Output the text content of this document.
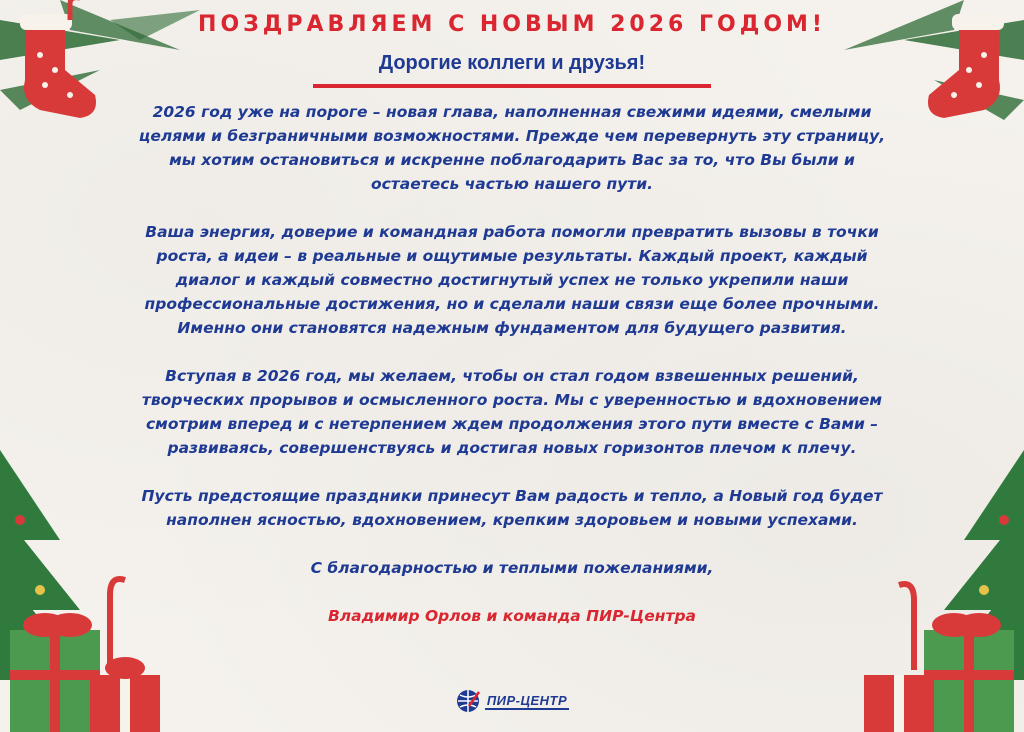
ПОЗДРАВЛЯЕМ С НОВЫМ 2026 ГОДОМ!
Дорогие коллеги и друзья!

2026 год уже на пороге – новая глава, наполненная свежими идеями, смелыми целями и безграничными возможностями. Прежде чем перевернуть эту страницу, мы хотим остановиться и искренне поблагодарить Вас за то, что Вы были и остаетесь частью нашего пути.

Ваша энергия, доверие и командная работа помогли превратить вызовы в точки роста, а идеи – в реальные и ощутимые результаты. Каждый проект, каждый диалог и каждый совместно достигнутый успех не только укрепили наши профессиональные достижения, но и сделали наши связи еще более прочными. Именно они становятся надежным фундаментом для будущего развития.

Вступая в 2026 год, мы желаем, чтобы он стал годом взвешенных решений, творческих прорывов и осмысленного роста. Мы с уверенностью и вдохновением смотрим вперед и с нетерпением ждем продолжения этого пути вместе с Вами – развиваясь, совершенствуясь и достигая новых горизонтов плечом к плечу.

Пусть предстоящие праздники принесут Вам радость и тепло, а Новый год будет наполнен ясностью, вдохновением, крепким здоровьем и новыми успехами.

С благодарностью и теплыми пожеланиями,

Владимир Орлов и команда ПИР-Центра

ПИР-ЦЕНТР
